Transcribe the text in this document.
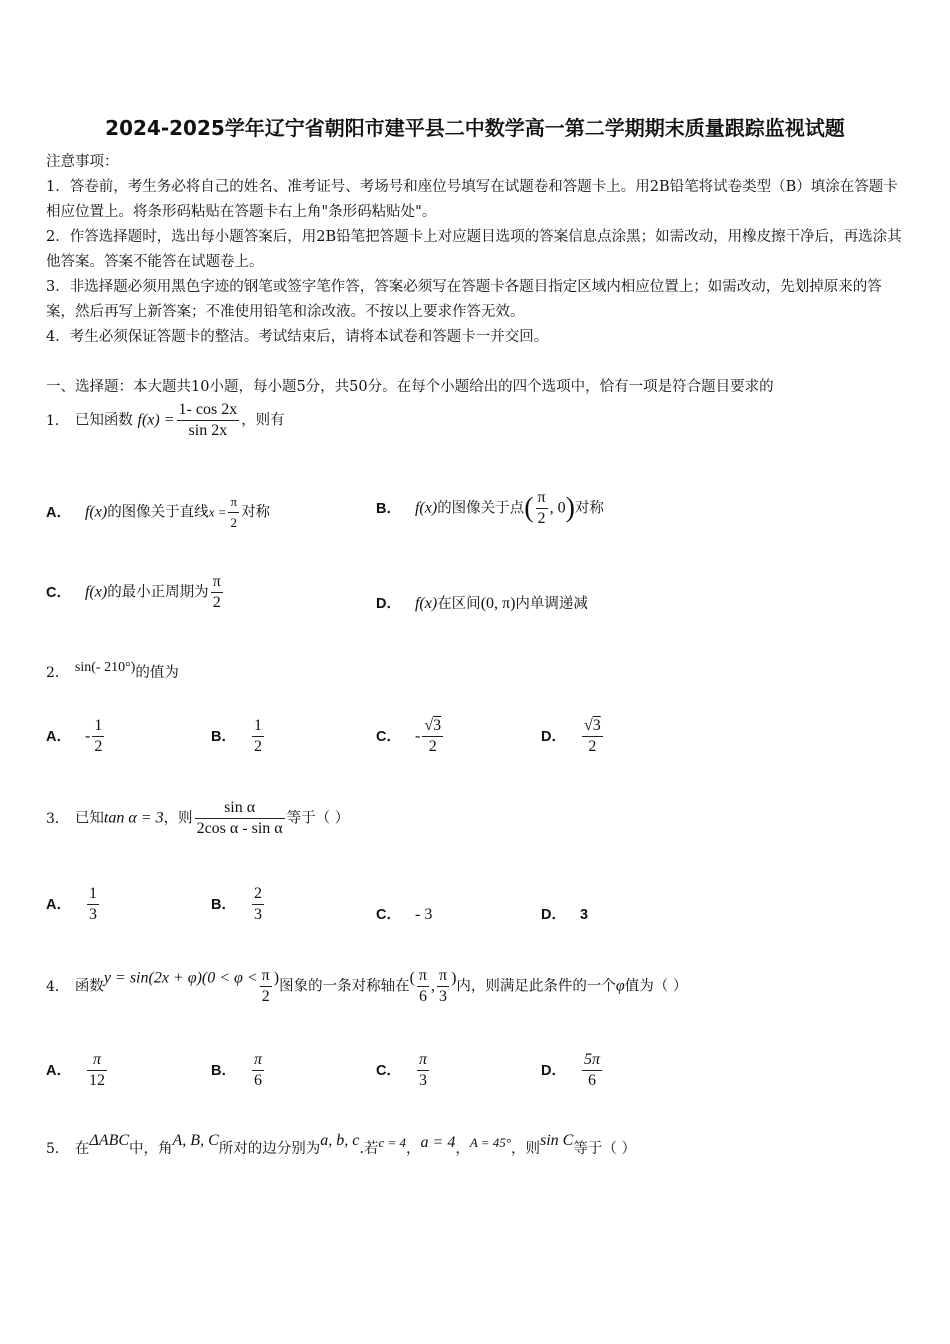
2024-2025学年辽宁省朝阳市建平县二中数学高一第二学期期末质量跟踪监视试题

注意事项：

1．答卷前，考生务必将自己的姓名、准考证号、考场号和座位号填写在试题卷和答题卡上。用2B铅笔将试卷类型（B）填涂在答题卡相应位置上。将条形码粘贴在答题卡右上角"条形码粘贴处"。

2．作答选择题时，选出每小题答案后，用2B铅笔把答题卡上对应题目选项的答案信息点涂黑；如需改动，用橡皮擦干净后，再选涂其他答案。答案不能答在试题卷上。

3．非选择题必须用黑色字迹的钢笔或签字笔作答，答案必须写在答题卡各题目指定区域内相应位置上；如需改动，先划掉原来的答案，然后再写上新答案；不准使用铅笔和涂改液。不按以上要求作答无效。

4．考生必须保证答题卡的整洁。考试结束后，请将本试卷和答题卡一并交回。

一、选择题：本大题共10小题，每小题5分，共50分。在每个小题给出的四个选项中，恰有一项是符合题目要求的
1． 已知函数 $f(x) = \frac{1- \cos 2x}{\sin 2x}$ ，则有
A． f(x)的图像关于直线$x = \frac{\pi}{2}$ 对称	B． f(x)的图像关于点( $\frac{\pi}{2}$ , 0)对称
C． f(x)的最小正周期为 $\frac{\pi}{2}$	D． f(x)在区间(0, π)内单调递减
2． sin(- 210°)的值为
A． - $\frac{1}{2}$	B． $\frac{1}{2}$	C． - $\frac{√3}{2}$	D． $\frac{√3}{2}$
3． 已知tan α = 3，则 $\frac{\text{sin α}}{\text{2cos α - sin α}}$ 等于（ ）
A． $\frac{1}{3}$	B． $\frac{2}{3}$	C． - 3	D． 3
4． 函数$y = \sin(2x + \varphi)(0 < \varphi < \frac{\pi}{2}$ )图象的一条对称轴在( $\frac{\pi}{6}$ , $\frac{\pi}{3}$ )内，则满足此条件的一个φ值为（ ）
A． $\frac{\pi}{12}$	B． $\frac{\pi}{6}$	C． $\frac{\pi}{3}$	D． $\frac{5\pi}{6}$
5． 在ΔABC中，角A, B, C所对的边分别为a, b, c.若c = 4，a = 4，A = 45°，则sin C等于（ ）
